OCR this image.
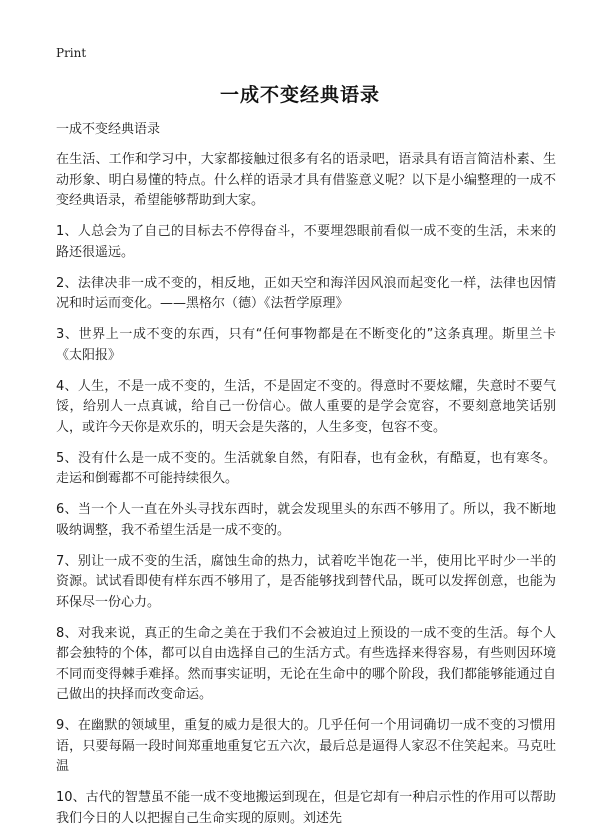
Print
一成不变经典语录

一成不变经典语录

在生活、工作和学习中，大家都接触过很多有名的语录吧，语录具有语言简洁朴素、生动形象、明白易懂的特点。什么样的语录才具有借鉴意义呢？以下是小编整理的一成不变经典语录，希望能够帮助到大家。

1、人总会为了自己的目标去不停得奋斗，不要埋怨眼前看似一成不变的生活，未来的路还很遥远。

2、法律决非一成不变的，相反地，正如天空和海洋因风浪而起变化一样，法律也因情况和时运而变化。——黑格尔（德）《法哲学原理》

3、世界上一成不变的东西，只有“任何事物都是在不断变化的”这条真理。斯里兰卡《太阳报》

4、人生，不是一成不变的，生活，不是固定不变的。得意时不要炫耀，失意时不要气馁，给别人一点真诚，给自己一份信心。做人重要的是学会宽容，不要刻意地笑话别人，或许今天你是欢乐的，明天会是失落的，人生多变，包容不变。

5、没有什么是一成不变的。生活就象自然，有阳春，也有金秋，有酷夏，也有寒冬。走运和倒霉都不可能持续很久。

6、当一个人一直在外头寻找东西时，就会发现里头的东西不够用了。所以，我不断地吸纳调整，我不希望生活是一成不变的。

7、别让一成不变的生活，腐蚀生命的热力，试着吃半饱花一半，使用比平时少一半的资源。试试看即使有样东西不够用了，是否能够找到替代品，既可以发挥创意，也能为环保尽一份心力。

8、对我来说，真正的生命之美在于我们不会被迫过上预设的一成不变的生活。每个人都会独特的个体，都可以自由选择自己的生活方式。有些选择来得容易，有些则因环境不同而变得棘手难择。然而事实证明，无论在生命中的哪个阶段，我们都能够能通过自己做出的抉择而改变命运。

9、在幽默的领域里，重复的威力是很大的。几乎任何一个用词确切一成不变的习惯用语，只要每隔一段时间郑重地重复它五六次，最后总是逼得人家忍不住笑起来。马克吐温

10、古代的智慧虽不能一成不变地搬运到现在，但是它却有一种启示性的作用可以帮助我们今日的人以把握自己生命实现的原则。刘述先
